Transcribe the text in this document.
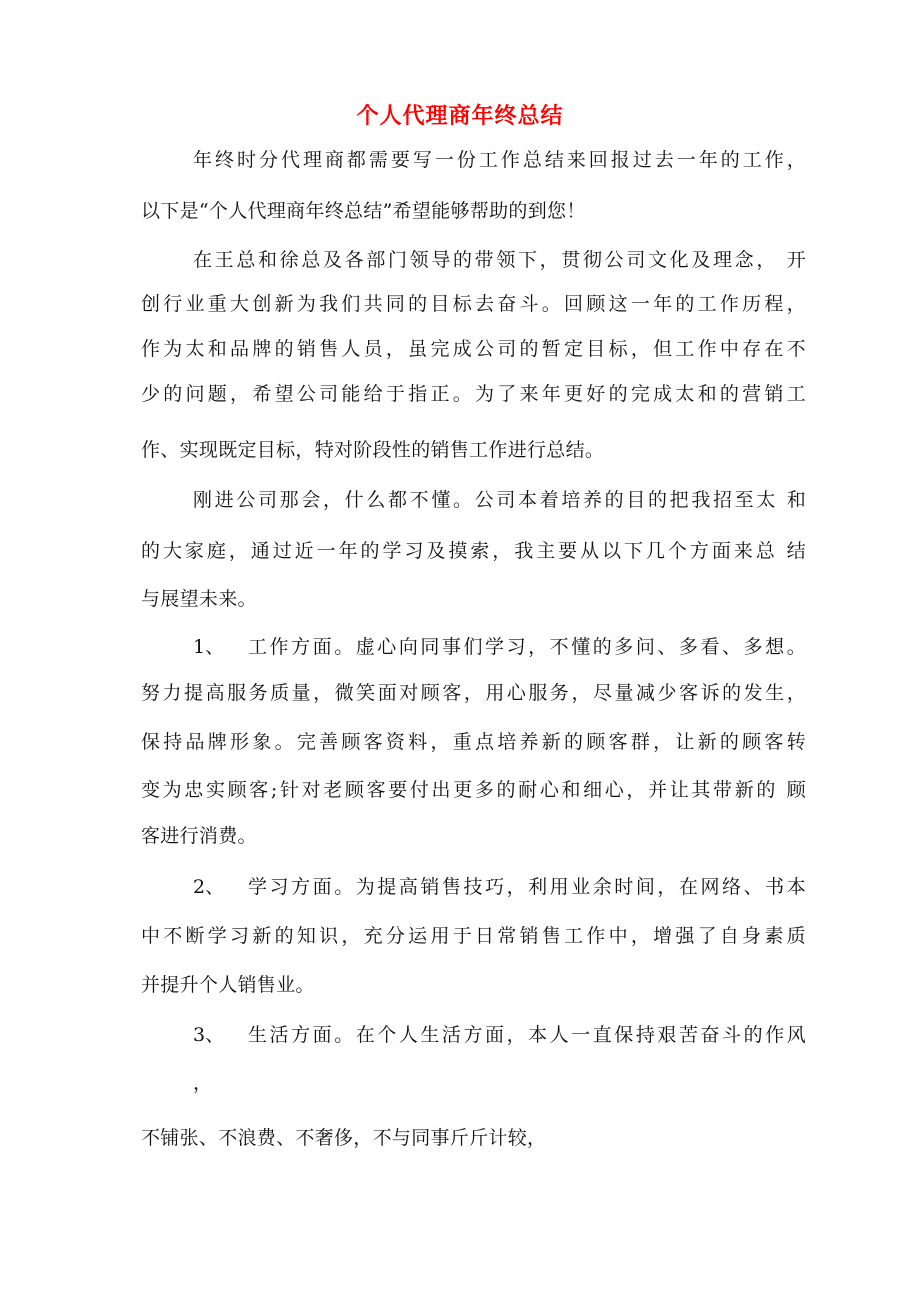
个人代理商年终总结
年终时分代理商都需要写一份工作总结来回报过去一年的工作，
以下是“个人代理商年终总结”希望能够帮助的到您！
在王总和徐总及各部门领导的带领下，贯彻公司文化及理念， 开
创行业重大创新为我们共同的目标去奋斗。回顾这一年的工作历程，
作为太和品牌的销售人员，虽完成公司的暂定目标，但工作中存在不
少的问题，希望公司能给于指正。为了来年更好的完成太和的营销工
作、实现既定目标，特对阶段性的销售工作进行总结。
刚进公司那会，什么都不懂。公司本着培养的目的把我招至太 和
的大家庭，通过近一年的学习及摸索，我主要从以下几个方面来总 结
与展望未来。
1、 工作方面。虚心向同事们学习，不懂的多问、多看、多想。
努力提高服务质量，微笑面对顾客，用心服务，尽量减少客诉的发生，
保持品牌形象。完善顾客资料，重点培养新的顾客群，让新的顾客转
变为忠实顾客;针对老顾客要付出更多的耐心和细心，并让其带新的 顾
客进行消费。
2、 学习方面。为提高销售技巧，利用业余时间，在网络、书本
中不断学习新的知识，充分运用于日常销售工作中，增强了自身素质
并提升个人销售业。
3、 生活方面。在个人生活方面，本人一直保持艰苦奋斗的作风
，
不铺张、不浪费、不奢侈，不与同事斤斤计较，
